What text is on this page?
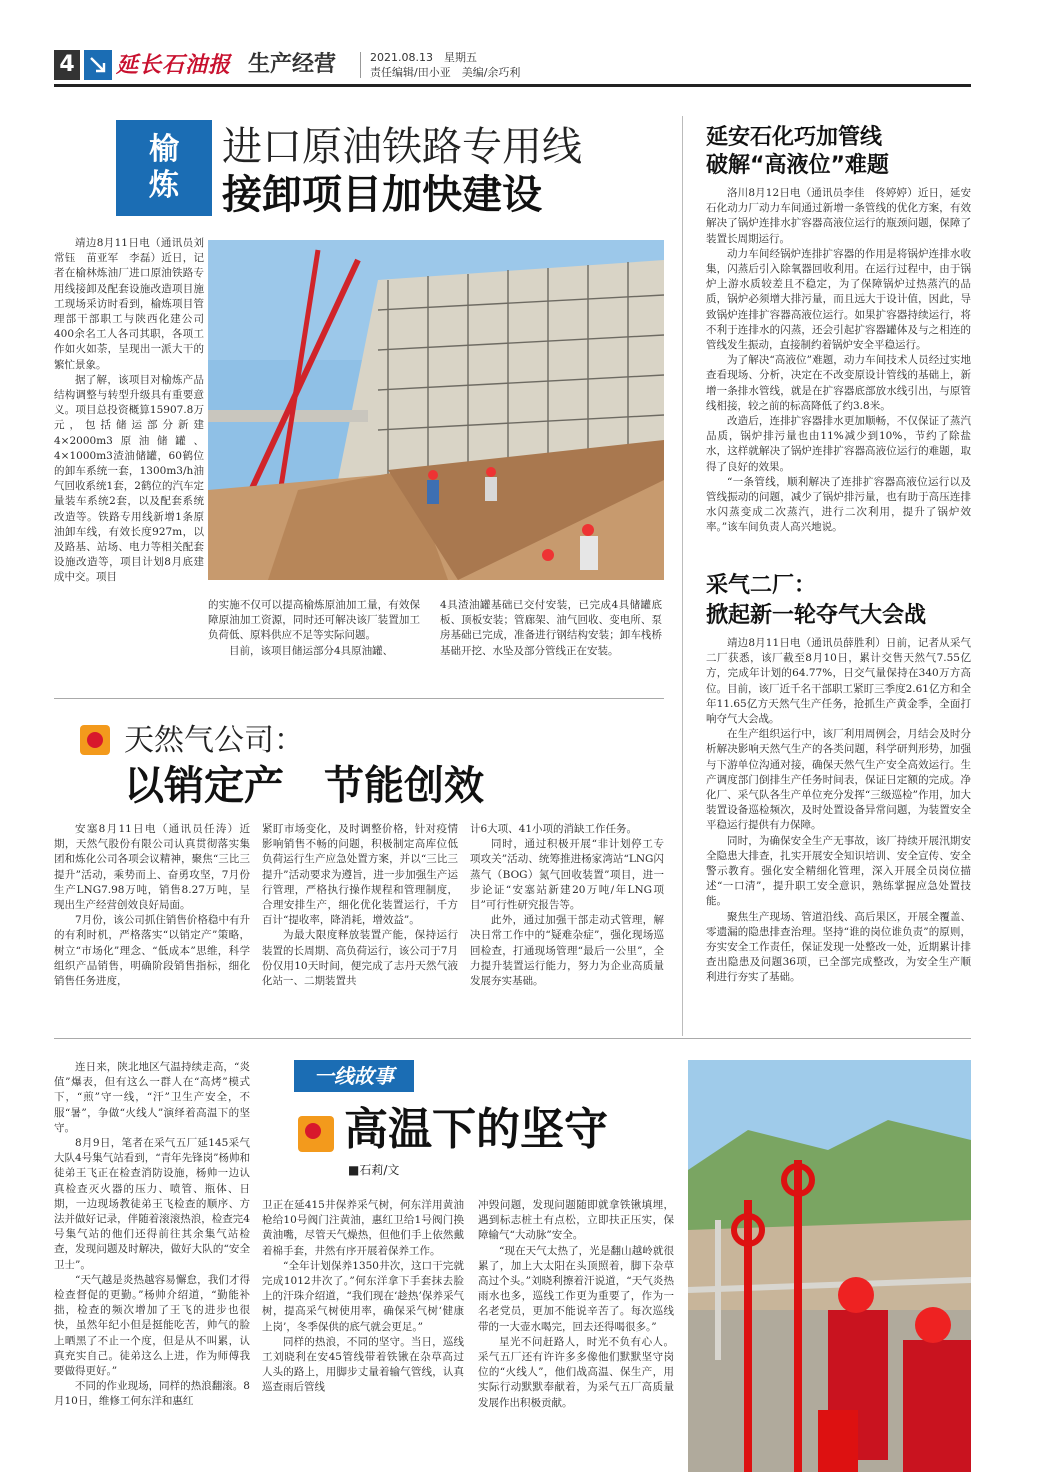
4 延长石油报 生产经营	2021.08.13　 星期五
责任编辑/田小亚　美编/余巧利
榆
炼
进口原油铁路专用线
接卸项目加快建设

靖边8月11日电（通讯员刘常钰　苗亚军　李磊）近日，记者在榆林炼油厂进口原油铁路专用线接卸及配套设施改造项目施工现场采访时看到，榆炼项目管理部干部职工与陕西化建公司400余名工人各司其职，各项工作如火如荼，呈现出一派大干的繁忙景象。

据了解，该项目对榆炼产品结构调整与转型升级具有重要意义。项目总投资概算15907.8万元，包括储运部分新建4×2000m3原油储罐、4×1000m3渣油储罐，60鹤位的卸车系统一套，1300m3/h油气回收系统1套，2鹤位的汽车定量装车系统2套，以及配套系统改造等。铁路专用线新增1条原油卸车线，有效长度927m，以及路基、站场、电力等相关配套设施改造等，项目计划8月底建成中交。项目

的实施不仅可以提高榆炼原油加工量，有效保障原油加工资源，同时还可解决该厂装置加工负荷低、原料供应不足等实际问题。

目前，该项目储运部分4具原油罐、

4具渣油罐基础已交付安装，已完成4具储罐底板、顶板安装；管廊架、油气回收、变电所、泵房基础已完成，准备进行钢结构安装；卸车栈桥基础开挖、水坠及部分管线正在安装。

延安石化巧加管线
破解“高液位”难题

洛川8月12日电（通讯员李佳　佟婷婷）近日，延安石化动力厂动力车间通过新增一条管线的优化方案，有效解决了锅炉连排水扩容器高液位运行的瓶颈问题，保障了装置长周期运行。

动力车间经锅炉连排扩容器的作用是将锅炉连排水收集，闪蒸后引入除氧器回收利用。在运行过程中，由于锅炉上游水质较差且不稳定，为了保障锅炉过热蒸汽的品质，锅炉必须增大排污量，而且远大于设计值，因此，导致锅炉连排扩容器高液位运行。如果扩容器持续运行，将不利于连排水的闪蒸，还会引起扩容器罐体及与之相连的管线发生振动，直接制约着锅炉安全平稳运行。

为了解决“高液位”难题，动力车间技术人员经过实地查看现场、分析，决定在不改变原设计管线的基础上，新增一条排水管线，就是在扩容器底部放水线引出，与原管线相接，较之前的标高降低了约3.8米。

改造后，连排扩容器排水更加顺畅，不仅保证了蒸汽品质，锅炉排污量也由11%减少到10%，节约了除盐水，这样就解决了锅炉连排扩容器高液位运行的难题，取得了良好的效果。

“一条管线，顺利解决了连排扩容器高液位运行以及管线振动的问题，减少了锅炉排污量，也有助于高压连排水闪蒸变成二次蒸汽，进行二次利用，提升了锅炉效率。”该车间负责人高兴地说。

采气二厂：
掀起新一轮夺气大会战

靖边8月11日电（通讯员薛胜利）日前，记者从采气二厂获悉，该厂截至8月10日，累计交售天然气7.55亿方，完成年计划的64.77%，日交气量保持在340万方高位。目前，该厂近千名干部职工紧盯三季度2.61亿方和全年11.65亿方天然气生产任务，抢抓生产黄金季，全面打响夺气大会战。

在生产组织运行中，该厂利用周例会，月结会及时分析解决影响天然气生产的各类问题，科学研判形势，加强与下游单位沟通对接，确保天然气生产安全高效运行。生产调度部门倒排生产任务时间表，保证日定额的完成。净化厂、采气队各生产单位充分发挥“三级巡检”作用，加大装置设备巡检频次，及时处置设备异常问题，为装置安全平稳运行提供有力保障。

同时，为确保安全生产无事故，该厂持续开展汛期安全隐患大排查，扎实开展安全知识培训、安全宣传、安全警示教育。强化安全精细化管理，深入开展全员岗位描述“一口清”，提升职工安全意识，熟练掌握应急处置技能。

聚焦生产现场、管道沿线、高后果区，开展全覆盖、零遗漏的隐患排查治理。坚持“谁的岗位谁负责”的原则，夯实安全工作责任，保证发现一处整改一处，近期累计排查出隐患及问题36项，已全部完成整改，为安全生产顺利进行夯实了基础。

天然气公司：
以销定产　节能创效

安塞8月11日电（通讯员任涛）近期，天然气股份有限公司认真贯彻落实集团和炼化公司各项会议精神，聚焦“三比三提升”活动，乘势而上、奋勇攻坚，7月份生产LNG7.98万吨，销售8.27万吨，呈现出生产经营创效良好局面。

7月份，该公司抓住销售价格稳中有升的有利时机，严格落实“以销定产”策略，树立“市场化”理念、“低成本”思维，科学组织产品销售，明确阶段销售指标，细化销售任务进度，

紧盯市场变化，及时调整价格，针对疫情影响销售不畅的问题，积极制定高库位低负荷运行生产应急处置方案，并以“三比三提升”活动要求为遵旨，进一步加强生产运行管理，严格执行操作规程和管理制度，合理安排生产，细化优化装置运行，千方百计“提收率，降消耗，增效益”。

为最大限度释放装置产能，保持运行装置的长周期、高负荷运行，该公司于7月份仅用10天时间，便完成了志丹天然气液化站一、二期装置共

计6大项、41小项的消缺工作任务。

同时，通过积极开展“非计划停工专项攻关”活动、统筹推进杨家湾站“LNG闪蒸气（BOG）氮气回收装置”项目，进一步论证“安塞站新建20万吨/年LNG项目”可行性研究报告等。

此外，通过加强干部走动式管理，解决日常工作中的“疑难杂症”，强化现场巡回检查，打通现场管理“最后一公里”，全力提升装置运行能力，努力为企业高质量发展夯实基础。

连日来，陕北地区气温持续走高，“炎值”爆表，但有这么一群人在“高烤”模式下，“煎”守一线，“汗”卫生产安全，不服“暑”，争做“火线人”演绎着高温下的坚守。

8月9日，笔者在采气五厂延145采气大队4号集气站看到，“青年先锋岗”杨帅和徒弟王飞正在检查消防设施，杨帅一边认真检查灭火器的压力、喷管、瓶体、日期，一边现场教徒弟王飞检查的顺序、方法并做好记录，伴随着滚滚热浪，检查完4号集气站的他们还得前往其余集气站检查，发现问题及时解决，做好大队的“安全卫士”。

“天气越是炎热越容易懈怠，我们才得检查督促的更勤。”杨帅介绍道，“勤能补拙，检查的频次增加了王飞的进步也很快，虽然年纪小但是挺能吃苦，帅气的脸上晒黑了不止一个度，但是从不叫累，认真充实自己。徒弟这么上进，作为师傅我要做得更好。”

不同的作业现场，同样的热浪翻滚。8月10日，维修工何东洋和惠红

一线故事
高温下的坚守
■石莉/文

卫正在延415井保养采气树，何东洋用黄油枪给10号阀门注黄油，惠红卫给1号阀门换黄油嘴，尽管天气燥热，但他们手上依然戴着棉手套，井然有序开展着保养工作。

“全年计划保养1350井次，这口干完就完成1012井次了。”何东洋拿下手套抹去脸上的汗珠介绍道，“我们现在‘趁热’保养采气树，提高采气树使用率，确保采气树‘健康上岗’，冬季保供的底气就会更足。”

同样的热浪，不同的坚守。当日，巡线工刘晓利在安45管线带着铁锹在杂草高过人头的路上，用脚步丈量着输气管线，认真巡查雨后管线

冲毁问题，发现问题随即就拿铁锹填埋，遇到标志桩土有点松，立即扶正压实，保障输气“大动脉”安全。

“现在天气太热了，光是翻山越岭就很累了，加上大太阳在头顶照着，脚下杂草高过个头。”刘晓利擦着汗说道，“天气炎热雨水也多，巡线工作更为重要了，作为一名老党员，更加不能说辛苦了。每次巡线带的一大壶水喝完，回去还得喝很多。”

星光不问赶路人，时光不负有心人。采气五厂还有许许多多像他们默默坚守岗位的“火线人”，他们战高温、保生产，用实际行动默默奉献着，为采气五厂高质量发展作出积极贡献。
